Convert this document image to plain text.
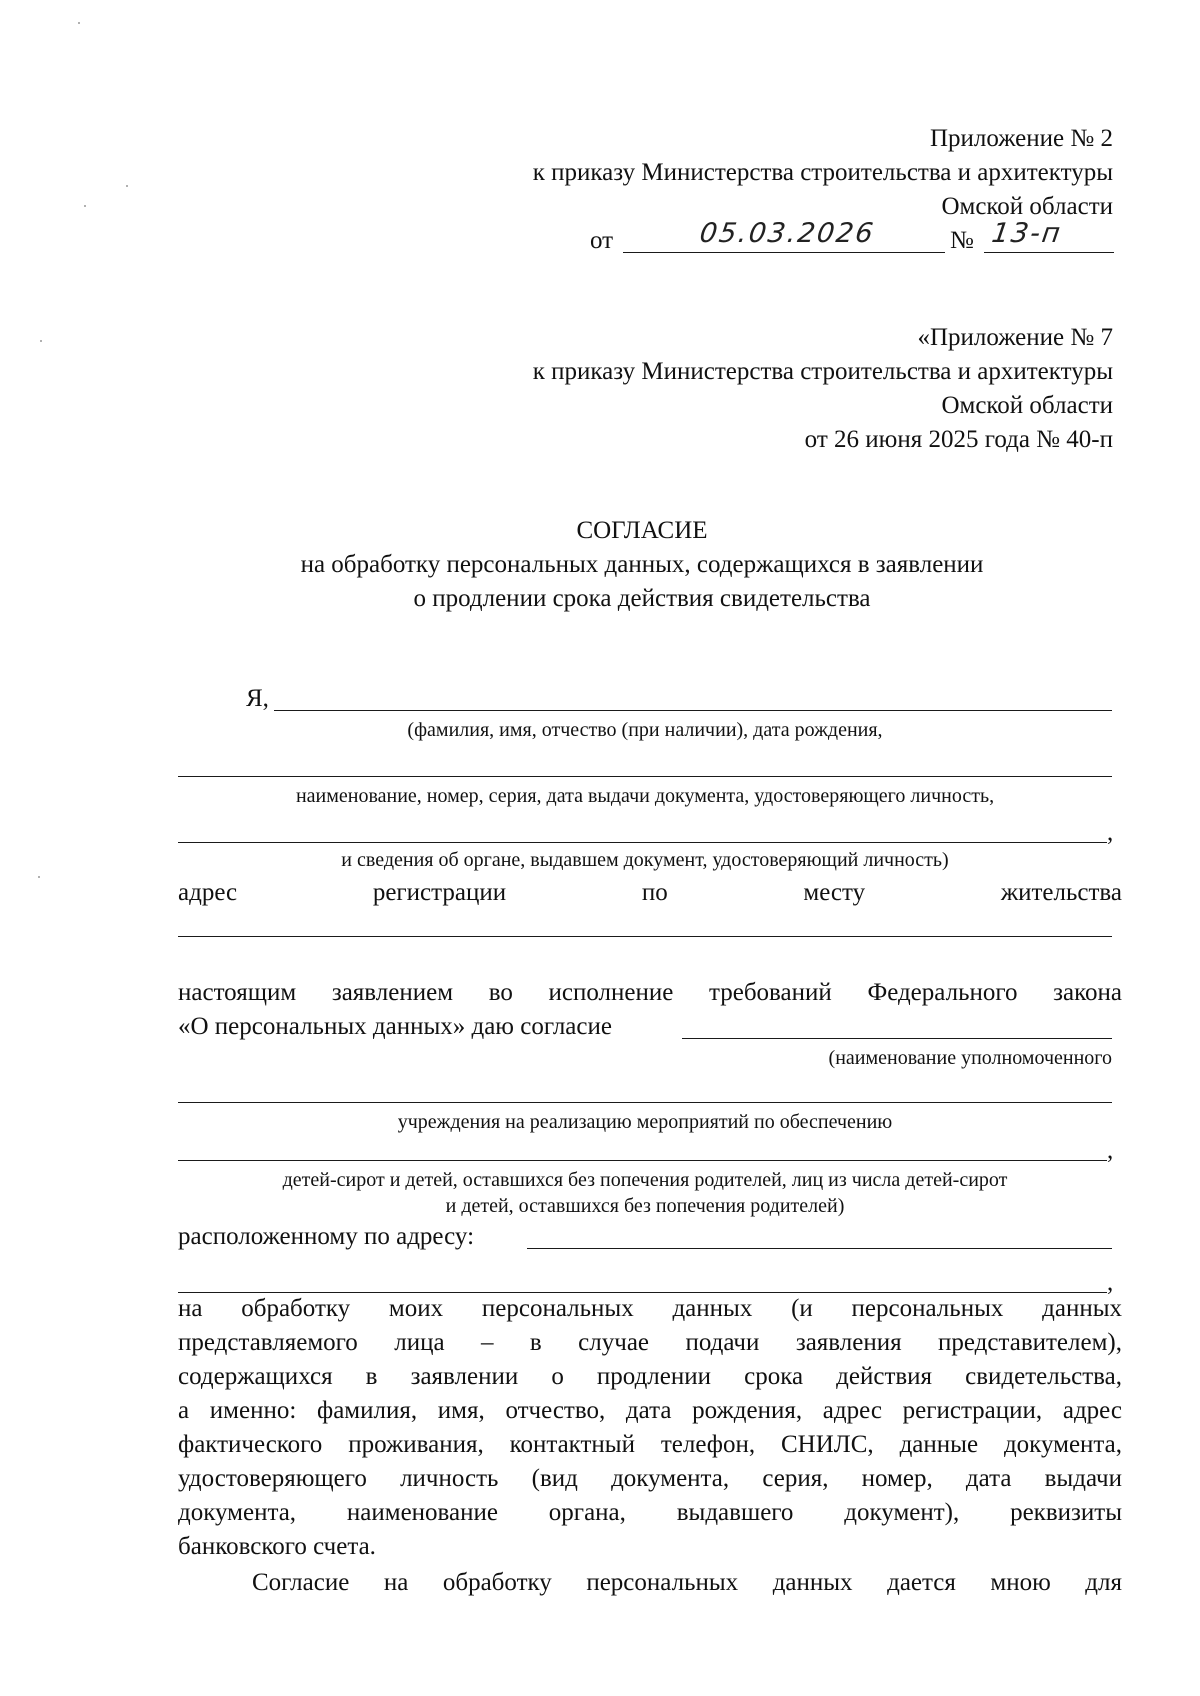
Приложение № 2
к приказу Министерства строительства и архитектуры
Омской области
от	05.03.2026	№ 13-п
«Приложение № 7
к приказу Министерства строительства и архитектуры
Омской области
от 26 июня 2025 года № 40-п
СОГЛАСИЕ
на обработку персональных данных, содержащихся в заявлении
о продлении срока действия свидетельства
Я,
(фамилия, имя, отчество (при наличии), дата рождения,
наименование, номер, серия, дата выдачи документа, удостоверяющего личность,
,
и сведения об органе, выдавшем документ, удостоверяющий личность)
адрес	регистрации	по	месту	жительства
настоящим заявлением во исполнение требований Федерального закона
«О персональных данных» даю согласие
(наименование уполномоченного
учреждения на реализацию мероприятий по обеспечению
,
детей-сирот и детей, оставшихся без попечения родителей, лиц из числа детей-сирот
и детей, оставшихся без попечения родителей)
расположенному по адресу:
,
на обработку моих персональных данных (и персональных данных
представляемого лица – в случае подачи заявления представителем),
содержащихся в заявлении о продлении срока действия свидетельства,
а именно: фамилия, имя, отчество, дата рождения, адрес регистрации, адрес
фактического проживания, контактный телефон, СНИЛС, данные документа,
удостоверяющего личность (вид документа, серия, номер, дата выдачи
документа, наименование органа, выдавшего документ), реквизиты
банковского счета.
Согласие на обработку персональных данных дается мною для
